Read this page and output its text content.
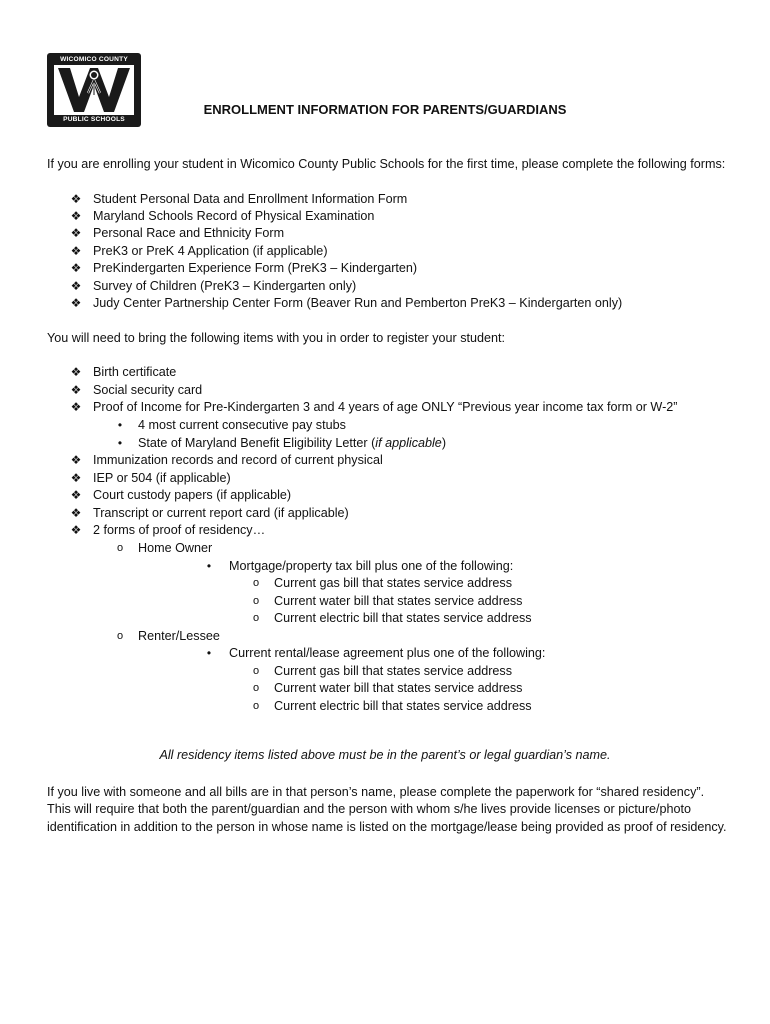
WICOMICO COUNTY
PUBLIC SCHOOLS
ENROLLMENT INFORMATION FOR PARENTS/GUARDIANS
If you are enrolling your student in Wicomico County Public Schools for the first time, please complete the following forms:
❖ Student Personal Data and Enrollment Information Form
❖ Maryland Schools Record of Physical Examination
❖ Personal Race and Ethnicity Form
❖ PreK3 or PreK 4 Application (if applicable)
❖ PreKindergarten Experience Form (PreK3 – Kindergarten)
❖ Survey of Children (PreK3 – Kindergarten only)
❖ Judy Center Partnership Center Form (Beaver Run and Pemberton PreK3 – Kindergarten only)
You will need to bring the following items with you in order to register your student:
❖ Birth certificate
❖ Social security card
❖ Proof of Income for Pre-Kindergarten 3 and 4 years of age ONLY “Previous year income tax form or W-2”
• 4 most current consecutive pay stubs
• State of Maryland Benefit Eligibility Letter (if applicable)
❖ Immunization records and record of current physical
❖ IEP or 504 (if applicable)
❖ Court custody papers (if applicable)
❖ Transcript or current report card (if applicable)
❖ 2 forms of proof of residency…
o Home Owner
• Mortgage/property tax bill plus one of the following:
o Current gas bill that states service address
o Current water bill that states service address
o Current electric bill that states service address
o Renter/Lessee
• Current rental/lease agreement plus one of the following:
o Current gas bill that states service address
o Current water bill that states service address
o Current electric bill that states service address
All residency items listed above must be in the parent’s or legal guardian’s name.
If you live with someone and all bills are in that person’s name, please complete the paperwork for “shared residency”. This will require that both the parent/guardian and the person with whom s/he lives provide licenses or picture/photo identification in addition to the person in whose name is listed on the mortgage/lease being provided as proof of residency.
